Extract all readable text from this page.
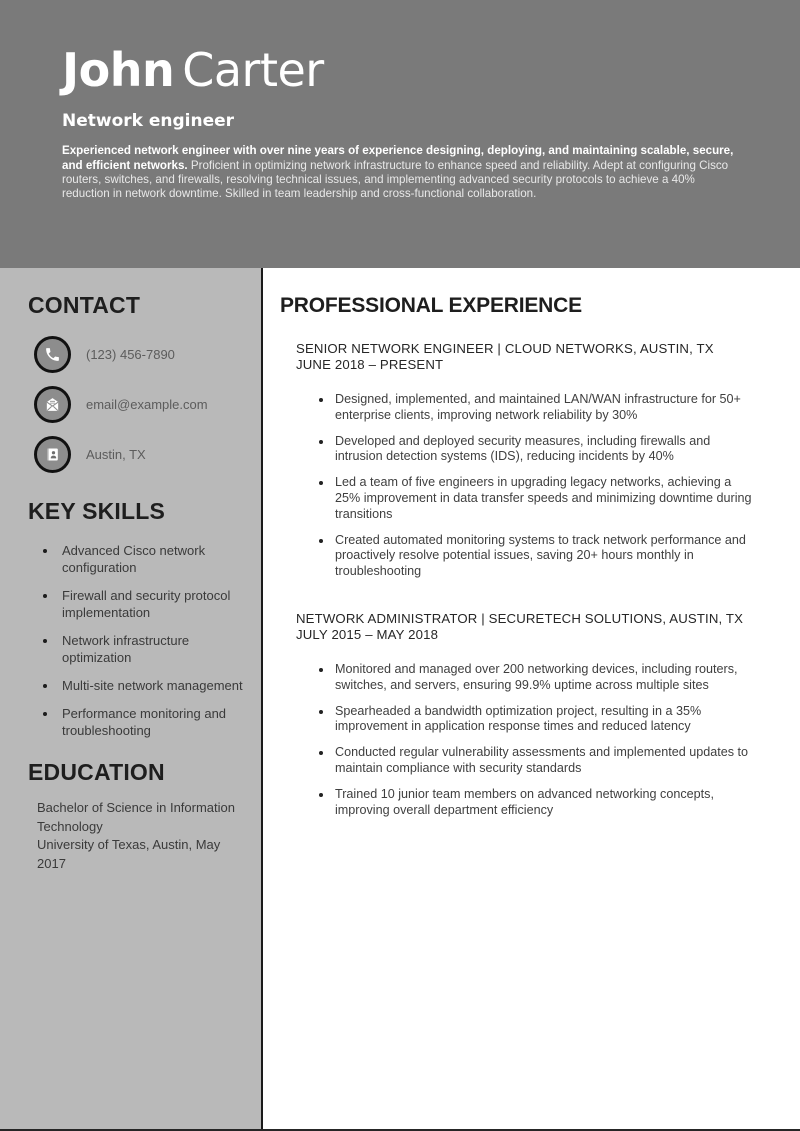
John Carter
Network engineer

Experienced network engineer with over nine years of experience designing, deploying, and maintaining scalable, secure, and efficient networks. Proficient in optimizing network infrastructure to enhance speed and reliability. Adept at configuring Cisco routers, switches, and firewalls, resolving technical issues, and implementing advanced security protocols to achieve a 40% reduction in network downtime. Skilled in team leadership and cross-functional collaboration.

CONTACT
(123) 456-7890
email@example.com
Austin, TX
KEY SKILLS
• Advanced Cisco network configuration
• Firewall and security protocol implementation
• Network infrastructure optimization
• Multi-site network management
• Performance monitoring and troubleshooting
EDUCATION

Bachelor of Science in Information Technology

University of Texas, Austin, May 2017

PROFESSIONAL EXPERIENCE
SENIOR NETWORK ENGINEER | CLOUD NETWORKS, AUSTIN, TX
JUNE 2018 – PRESENT
• Designed, implemented, and maintained LAN/WAN infrastructure for 50+ enterprise clients, improving network reliability by 30%
• Developed and deployed security measures, including firewalls and intrusion detection systems (IDS), reducing incidents by 40%
• Led a team of five engineers in upgrading legacy networks, achieving a 25% improvement in data transfer speeds and minimizing downtime during transitions
• Created automated monitoring systems to track network performance and proactively resolve potential issues, saving 20+ hours monthly in troubleshooting
NETWORK ADMINISTRATOR | SECURETECH SOLUTIONS, AUSTIN, TX
JULY 2015 – MAY 2018
• Monitored and managed over 200 networking devices, including routers, switches, and servers, ensuring 99.9% uptime across multiple sites
• Spearheaded a bandwidth optimization project, resulting in a 35% improvement in application response times and reduced latency
• Conducted regular vulnerability assessments and implemented updates to maintain compliance with security standards
• Trained 10 junior team members on advanced networking concepts, improving overall department efficiency
